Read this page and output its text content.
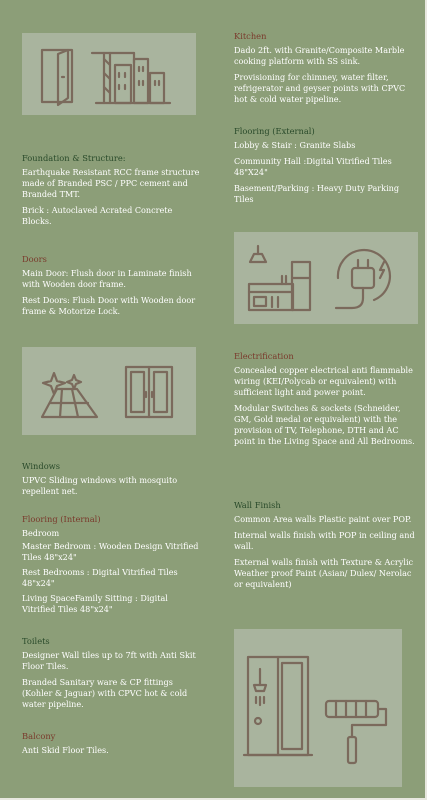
Foundation & Structure:
Earthquake Resistant RCC frame structure made of Branded PSC / PPC cement and Branded TMT.
Brick : Autoclaved Acrated Concrete Blocks.
Doors
Main Door: Flush door in Laminate finish with Wooden door frame.
Rest Doors: Flush Door with Wooden door frame & Motorize Lock.
Windows
UPVC Sliding windows with mosquito repellent net.
Flooring (Internal)
Bedroom
Master Bedroom : Wooden Design Vitrified Tiles 48"x24"
Rest Bedrooms : Digital Vitrified Tiles 48"x24"
Living SpaceFamily Sitting : Digital Vitrified Tiles 48"x24"
Toilets
Designer Wall tiles up to 7ft with Anti Skit Floor Tiles.
Branded Sanitary ware & CP fittings (Kohler & Jaguar) with CPVC hot & cold water pipeline.
Balcony
Anti Skid Floor Tiles.
Kitchen
Dado 2ft. with Granite/Composite Marble cooking platform with SS sink.
Provisioning for chimney, water filter, refrigerator and geyser points with CPVC hot & cold water pipeline.
Flooring (External)
Lobby & Stair : Granite Slabs
Community Hall :Digital Vitrified Tiles 48"X24"
Basement/Parking : Heavy Duty Parking Tiles
Electrification
Concealed copper electrical anti flammable wiring (KEI/Polycab or equivalent) with sufficient light and power point.
Modular Switches & sockets (Schneider, GM, Gold medal or equivalent) with the provision of TV, Telephone, DTH and AC point in the Living Space and All Bedrooms.
Wall Finish
Common Area walls Plastic paint over POP.
Internal walls finish with POP in ceiling and wall.
External walls finish with Texture & Acrylic Weather proof Paint (Asian/ Dulex/ Nerolac or equivalent)
